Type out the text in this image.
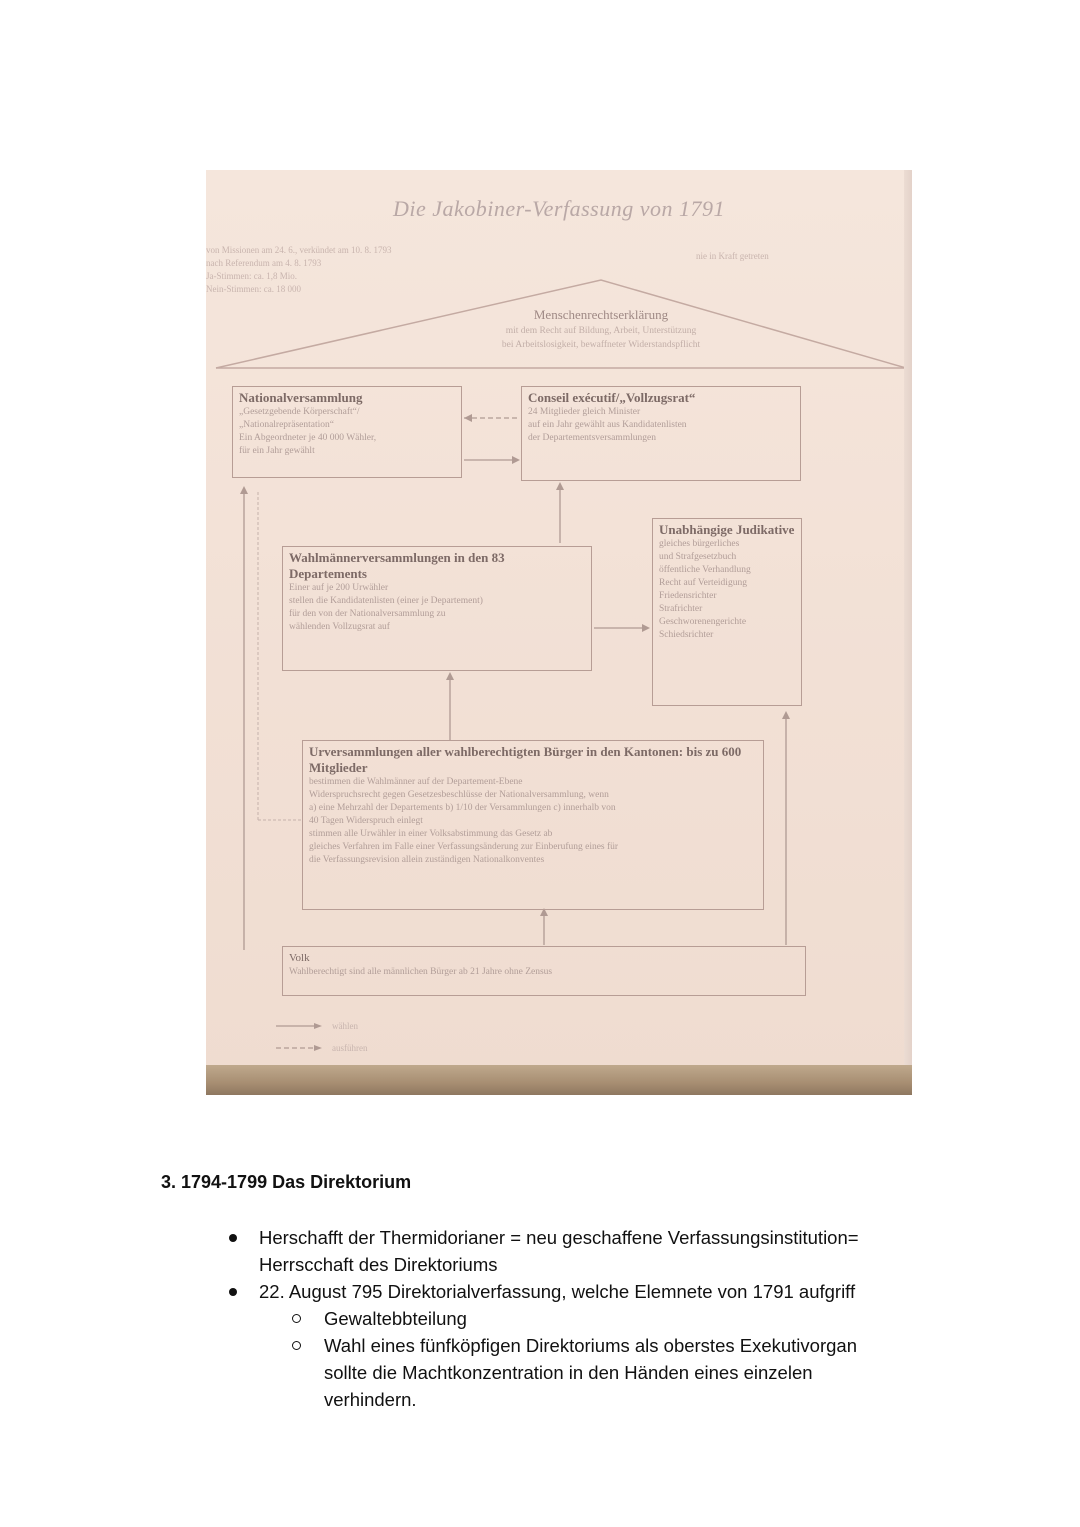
Die Jakobiner-Verfassung von 1791
von Missionen am 24. 6., verkündet am 10. 8. 1793
nach Referendum am 4. 8. 1793
Ja-Stimmen: ca. 1,8 Mio.
Nein-Stimmen: ca. 18 000
nie in Kraft getreten
Menschenrechtserklärung
mit dem Recht auf Bildung, Arbeit, Unterstützung
bei Arbeitslosigkeit, bewaffneter Widerstandspflicht
Nationalversammlung
„Gesetzgebende Körperschaft“/
„Nationalrepräsentation“
Ein Abgeordneter je 40 000 Wähler,
für ein Jahr gewählt
Conseil exécutif/„Vollzugsrat“
24 Mitglieder gleich Minister
auf ein Jahr gewählt aus Kandidatenlisten
der Departementsversammlungen
Unabhängige Judikative
gleiches bürgerliches
und Strafgesetzbuch
öffentliche Verhandlung
Recht auf Verteidigung
Friedensrichter
Strafrichter
Geschworenengerichte
Schiedsrichter
Wahlmännerversammlungen in den 83 Departements
Einer auf je 200 Urwähler
stellen die Kandidatenlisten (einer je Departement)
für den von der Nationalversammlung zu
wählenden Vollzugsrat auf
Urversammlungen aller wahlberechtigten Bürger in den Kantonen: bis zu 600 Mitglieder
bestimmen die Wahlmänner auf der Departement-Ebene
Widerspruchsrecht gegen Gesetzesbeschlüsse der Nationalversammlung, wenn
a) eine Mehrzahl der Departements b) 1/10 der Versammlungen c) innerhalb von
40 Tagen Widerspruch einlegt
stimmen alle Urwähler in einer Volksabstimmung das Gesetz ab
gleiches Verfahren im Falle einer Verfassungsänderung zur Einberufung eines für
die Verfassungsrevision allein zuständigen Nationalkonventes
Volk
Wahlberechtigt sind alle männlichen Bürger ab 21 Jahre ohne Zensus
wählen
ausführen
3. 1794-1799 Das Direktorium
Herschafft der Thermidorianer = neu geschaffene Verfassungsinstitution=
Herrscchaft des Direktoriums
22. August 795 Direktorialverfassung, welche Elemnete von 1791 aufgriff
Gewaltebbteilung
Wahl eines fünfköpfigen Direktoriums als oberstes Exekutivorgan
sollte die Machtkonzentration in den Händen eines einzelen
verhindern.
